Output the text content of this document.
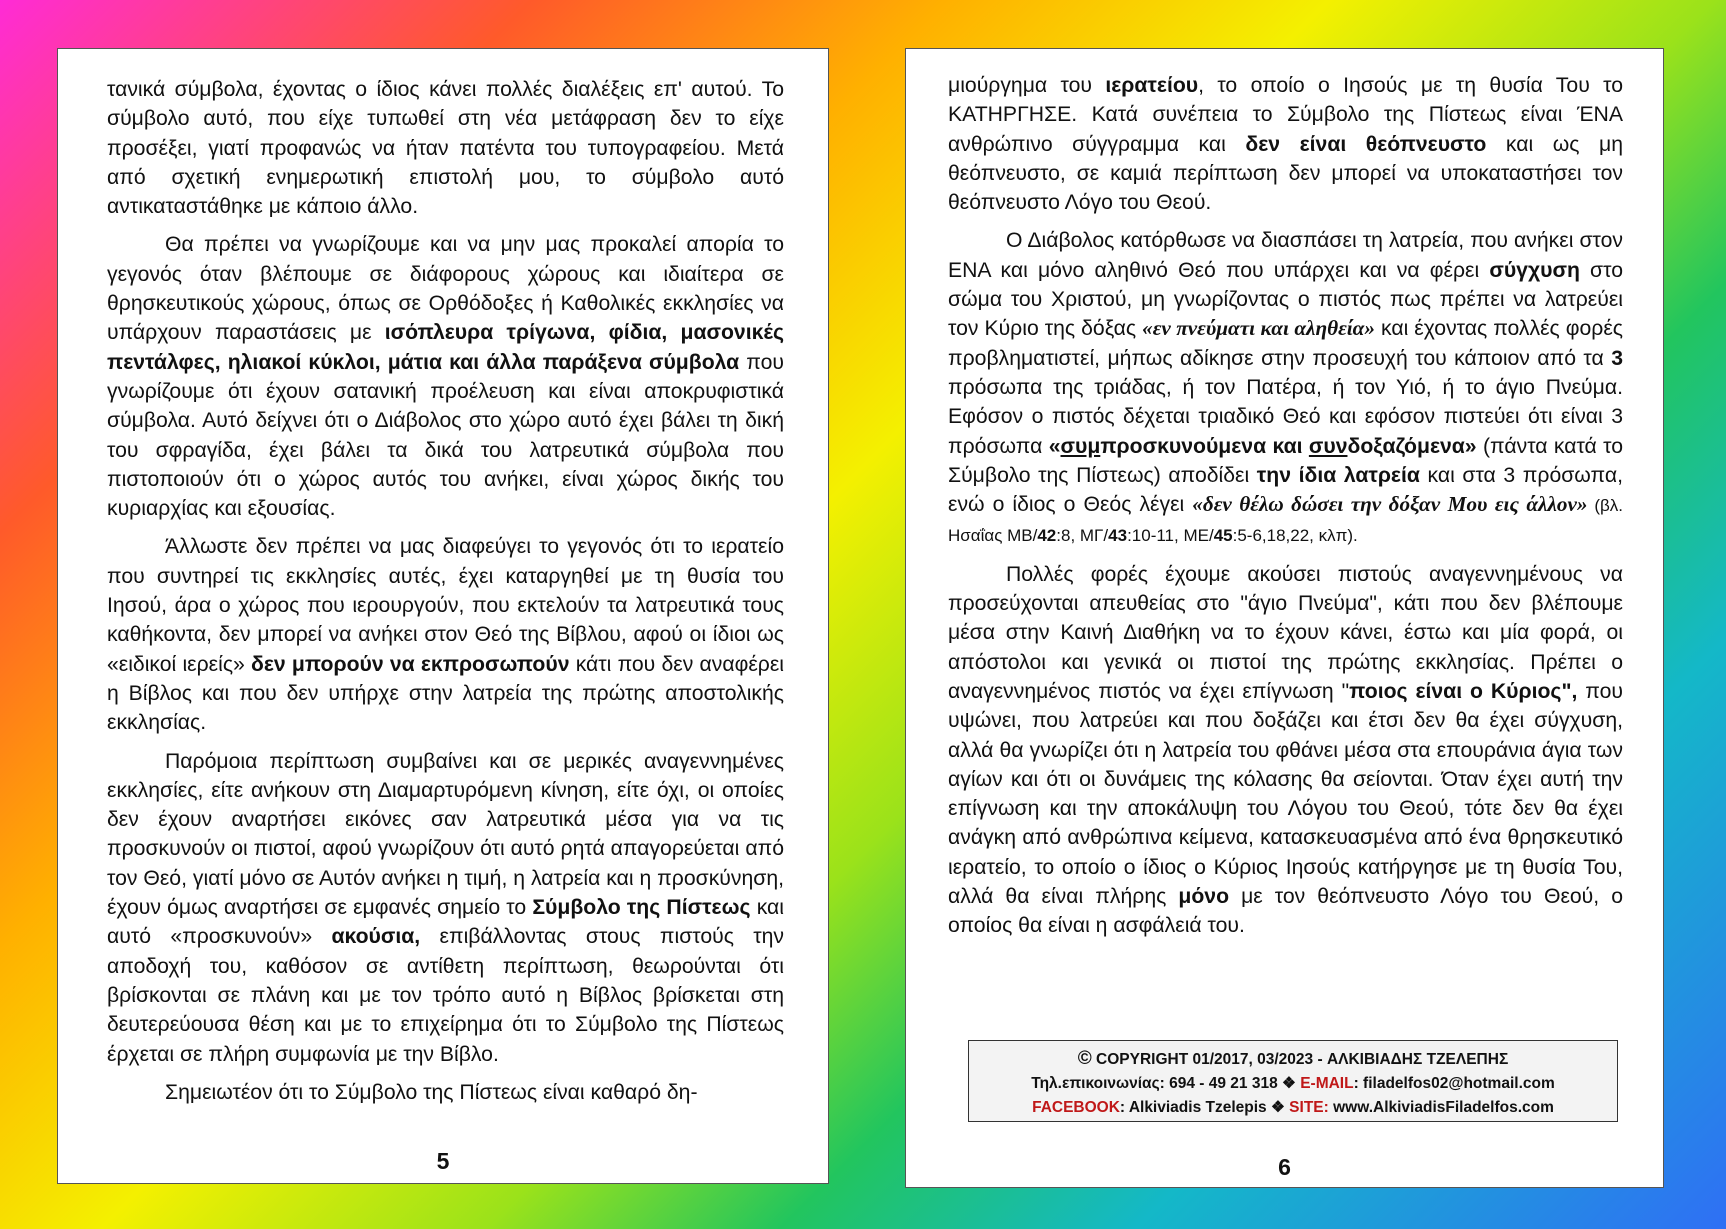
τανικά σύμβολα, έχοντας ο ίδιος κάνει πολλές διαλέξεις επ' αυτού. Το σύμβολο αυτό, που είχε τυπωθεί στη νέα μετάφραση δεν το είχε προσέξει, γιατί προφανώς να ήταν πατέντα του τυπογραφείου. Μετά από σχετική ενημερωτική επιστολή μου, το σύμβολο αυτό αντικαταστάθηκε με κάποιο άλλο.

Θα πρέπει να γνωρίζουμε και να μην μας προκαλεί απορία το γεγονός όταν βλέπουμε σε διάφορους χώρους και ιδιαίτερα σε θρησκευτικούς χώρους, όπως σε Ορθόδοξες ή Καθολικές εκκλησίες να υπάρχουν παραστάσεις με ισόπλευρα τρίγωνα, φίδια, μασονικές πεντάλφες, ηλιακοί κύκλοι, μάτια και άλλα παράξενα σύμβολα που γνωρίζουμε ότι έχουν σατανική προέλευση και είναι αποκρυφιστικά σύμβολα. Αυτό δείχνει ότι ο Διάβολος στο χώρο αυτό έχει βάλει τη δική του σφραγίδα, έχει βάλει τα δικά του λατρευτικά σύμβολα που πιστοποιούν ότι ο χώρος αυτός του ανήκει, είναι χώρος δικής του κυριαρχίας και εξουσίας.

Άλλωστε δεν πρέπει να μας διαφεύγει το γεγονός ότι το ιερατείο που συντηρεί τις εκκλησίες αυτές, έχει καταργηθεί με τη θυσία του Ιησού, άρα ο χώρος που ιερουργούν, που εκτελούν τα λατρευτικά τους καθήκοντα, δεν μπορεί να ανήκει στον Θεό της Βίβλου, αφού οι ίδιοι ως «ειδικοί ιερείς» δεν μπορούν να εκπροσωπούν κάτι που δεν αναφέρει η Βίβλος και που δεν υπήρχε στην λατρεία της πρώτης αποστολικής εκκλησίας.

Παρόμοια περίπτωση συμβαίνει και σε μερικές αναγεννημένες εκκλησίες, είτε ανήκουν στη Διαμαρτυρόμενη κίνηση, είτε όχι, οι οποίες δεν έχουν αναρτήσει εικόνες σαν λατρευτικά μέσα για να τις προσκυνούν οι πιστοί, αφού γνωρίζουν ότι αυτό ρητά απαγορεύεται από τον Θεό, γιατί μόνο σε Αυτόν ανήκει η τιμή, η λατρεία και η προσκύνηση, έχουν όμως αναρτήσει σε εμφανές σημείο το Σύμβολο της Πίστεως και αυτό «προσκυνούν» ακούσια, επιβάλλοντας στους πιστούς την αποδοχή του, καθόσον σε αντίθετη περίπτωση, θεωρούνται ότι βρίσκονται σε πλάνη και με τον τρόπο αυτό η Βίβλος βρίσκεται στη δευτερεύουσα θέση και με το επιχείρημα ότι το Σύμβολο της Πίστεως έρχεται σε πλήρη συμφωνία με την Βίβλο.

Σημειωτέον ότι το Σύμβολο της Πίστεως είναι καθαρό δη-

5

μιούργημα του ιερατείου, το οποίο ο Ιησούς με τη θυσία Του το ΚΑΤΗΡΓΗΣΕ. Κατά συνέπεια το Σύμβολο της Πίστεως είναι ΈΝΑ ανθρώπινο σύγγραμμα και δεν είναι θεόπνευστο και ως μη θεόπνευστο, σε καμιά περίπτωση δεν μπορεί να υποκαταστήσει τον θεόπνευστο Λόγο του Θεού.

Ο Διάβολος κατόρθωσε να διασπάσει τη λατρεία, που ανήκει στον ΕΝΑ και μόνο αληθινό Θεό που υπάρχει και να φέρει σύγχυση στο σώμα του Χριστού, μη γνωρίζοντας ο πιστός πως πρέπει να λατρεύει τον Κύριο της δόξας «εν πνεύματι και αληθεία» και έχοντας πολλές φορές προβληματιστεί, μήπως αδίκησε στην προσευχή του κάποιον από τα 3 πρόσωπα της τριάδας, ή τον Πατέρα, ή τον Υιό, ή το άγιο Πνεύμα. Εφόσον ο πιστός δέχεται τριαδικό Θεό και εφόσον πιστεύει ότι είναι 3 πρόσωπα «συμπροσκυνούμενα και συνδοξαζόμενα» (πάντα κατά το Σύμβολο της Πίστεως) αποδίδει την ίδια λατρεία και στα 3 πρόσωπα, ενώ ο ίδιος ο Θεός λέγει «δεν θέλω δώσει την δόξαν Μου εις άλλον» (βλ. Ησαΐας ΜΒ/42:8, ΜΓ/43:10-11, ΜΕ/45:5-6,18,22, κλπ).

Πολλές φορές έχουμε ακούσει πιστούς αναγεννημένους να προσεύχονται απευθείας στο "άγιο Πνεύμα", κάτι που δεν βλέπουμε μέσα στην Καινή Διαθήκη να το έχουν κάνει, έστω και μία φορά, οι απόστολοι και γενικά οι πιστοί της πρώτης εκκλησίας. Πρέπει ο αναγεννημένος πιστός να έχει επίγνωση "ποιος είναι ο Κύριος", που υψώνει, που λατρεύει και που δοξάζει και έτσι δεν θα έχει σύγχυση, αλλά θα γνωρίζει ότι η λατρεία του φθάνει μέσα στα επουράνια άγια των αγίων και ότι οι δυνάμεις της κόλασης θα σείονται. Όταν έχει αυτή την επίγνωση και την αποκάλυψη του Λόγου του Θεού, τότε δεν θα έχει ανάγκη από ανθρώπινα κείμενα, κατασκευασμένα από ένα θρησκευτικό ιερατείο, το οποίο ο ίδιος ο Κύριος Ιησούς κατήργησε με τη θυσία Του, αλλά θα είναι πλήρης μόνο με τον θεόπνευστο Λόγο του Θεού, ο οποίος θα είναι η ασφάλειά του.

© COPYRIGHT 01/2017, 03/2023 - ΑΛΚΙΒΙΑΔΗΣ ΤΖΕΛΕΠΗΣ
Τηλ.επικοινωνίας: 694 - 49 21 318 ❖ E-MAIL: filadelfos02@hotmail.com
FACEBOOK: Alkiviadis Tzelepis ❖ SITE: www.AlkiviadisFiladelfos.com
6
